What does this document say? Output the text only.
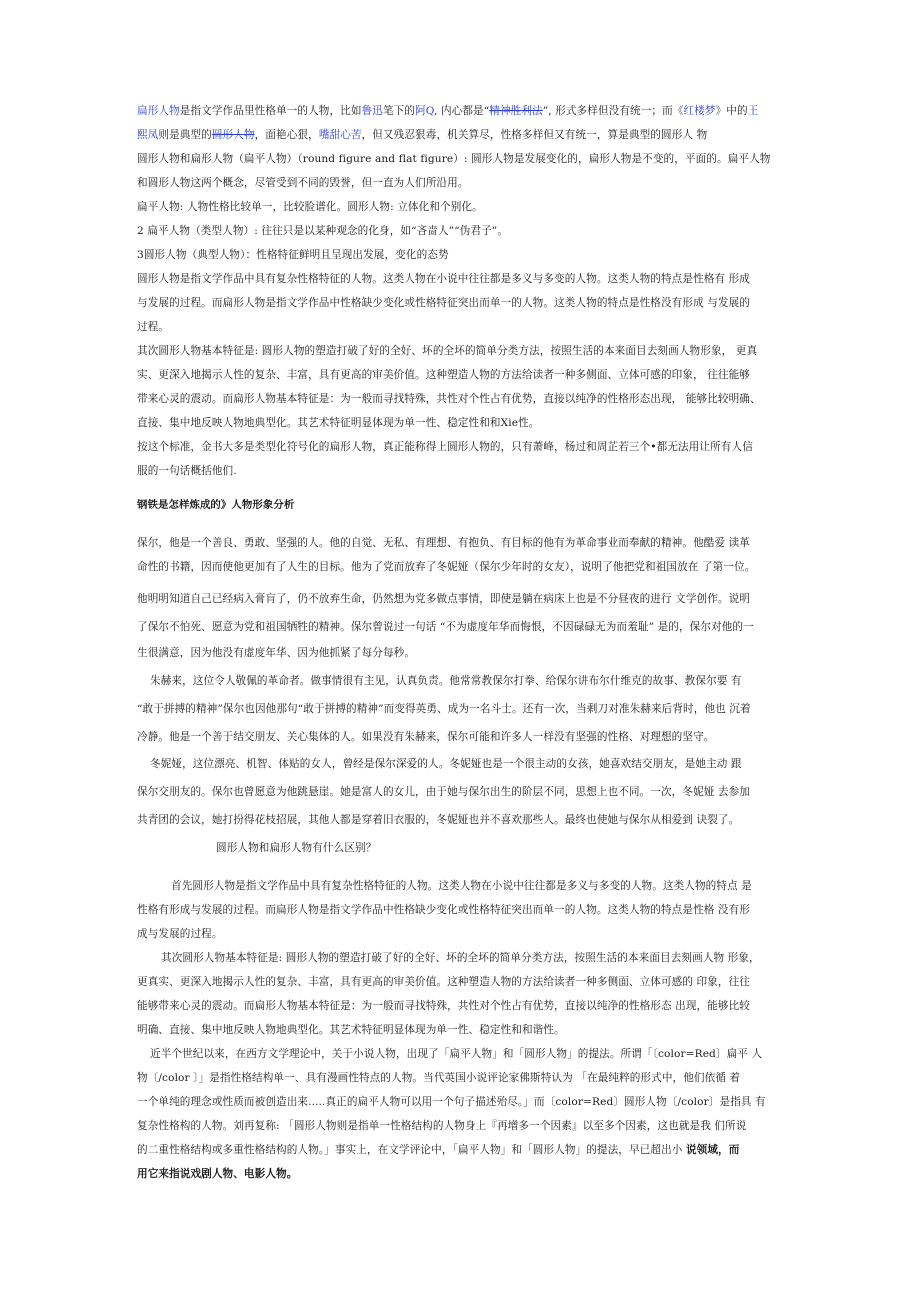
扁形人物是指文学作品里性格单一的人物，比如鲁迅笔下的阿Q, 内心都是“精神胜利法”, 形式多样但没有统一；而《红楼梦》中的王
熙凤则是典型的圆形人物，面艳心狠，嘴甜心苦，但又残忍狠毒，机关算尽，性格多样但又有统一，算是典型的圆形人 物
圆形人物和扁形人物（扁平人物）（round figure and flat figure）: 圆形人物是发展变化的，扁形人物是不变的，平面的。扁平人物
和圆形人物这两个概念，尽管受到不同的毁誉，但一直为人们所沿用。
扁平人物: 人物性格比较单一，比较脸谱化。圆形人物: 立体化和个别化。
2 扁平人物（类型人物）: 往往只是以某种观念的化身，如“吝啬人”“伪君子”。
3圆形人物（典型人物）：性格特征鲜明且呈现出发展，变化的态势
圆形人物是指文学作品中具有复杂性格特征的人物。这类人物在小说中往往都是多义与多变的人物。这类人物的特点是性格有 形成
与发展的过程。而扁形人物是指文学作品中性格缺少变化或性格特征突出而单一的人物。这类人物的特点是性格没有形成 与发展的
过程。
其次圆形人物基本特征是: 圆形人物的塑造打破了好的全好、坏的全坏的简单分类方法，按照生活的本来面目去刻画人物形象， 更真
实、更深入地揭示人性的复杂、丰富，具有更高的审美价值。这种塑造人物的方法给读者一种多侧面、立体可感的印象， 往往能够
带来心灵的震动。而扁形人物基本特征是：为一般而寻找特殊，共性对个性占有优势，直接以纯净的性格形态出现， 能够比较明确、
直接、集中地反映人物地典型化。其艺术特征明显体现为单一性、稳定性和和Xie性。
按这个标准，金书大多是类型化符号化的扁形人物，真正能称得上圆形人物的，只有萧峰，杨过和周芷若三个•都无法用让所有人信
服的一句话概括他们.
钢铁是怎样炼成的》人物形象分析
保尔，他是一个善良、勇敢、坚强的人。他的自觉、无私、有理想、有抱负、有目标的他有为革命事业而奉献的精神。他酷爱 读革
命性的书籍，因而使他更加有了人生的目标。他为了党而放弃了冬妮娅（保尔少年时的女友），说明了他把党和祖国放在 了第一位。
他明明知道自己已经病入膏肓了，仍不放弃生命，仍然想为党多做点事情，即使是躺在病床上也是不分昼夜的进行 文学创作。说明
了保尔不怕死、愿意为党和祖国牺牲的精神。保尔曾说过一句话 “不为虚度年华而悔恨，不因碌碌无为而羞耻” 是的，保尔对他的一
生很满意，因为他没有虚度年华、因为他抓紧了每分每秒。
朱赫来，这位令人敬佩的革命者。做事情很有主见，认真负责。他常常教保尔打拳、给保尔讲布尔什维克的故事、教保尔要 有
“敢于拼搏的精神”保尔也因他那句“敢于拼搏的精神”而变得英勇、成为一名斗士。还有一次，当剩刀对准朱赫来后背时，他也 沉着
冷静。他是一个善于结交朋友、关心集体的人。如果没有朱赫来，保尔可能和许多人一样没有坚强的性格、对理想的坚守。
冬妮娅，这位漂亮、机智、体贴的女人，曾经是保尔深爱的人。冬妮娅也是一个很主动的女孩，她喜欢结交朋友，是她主动 跟
保尔交朋友的。保尔也曾愿意为他跳悬崖。她是富人的女儿，由于她与保尔出生的阶层不同，思想上也不同。一次，冬妮娅 去参加
共青团的会议，她打扮得花枝招展，其他人都是穿着旧衣服的，冬妮娅也并不喜欢那些人。最终也使她与保尔从相爱到 诀裂了。
圆形人物和扁形人物有什么区别？
首先圆形人物是指文学作品中具有复杂性格特征的人物。这类人物在小说中往往都是多义与多变的人物。这类人物的特点 是
性格有形成与发展的过程。而扁形人物是指文学作品中性格缺少变化或性格特征突出而单一的人物。这类人物的特点是性格 没有形
成与发展的过程。
其次圆形人物基本特征是: 圆形人物的塑造打破了好的全好、坏的全坏的简单分类方法，按照生活的本来面目去刻画人物 形象，
更真实、更深入地揭示人性的复杂、丰富，具有更高的审美价值。这种塑造人物的方法给读者一种多侧面、立体可感的 印象，往往
能够带来心灵的震动。而扁形人物基本特征是：为一般而寻找特殊，共性对个性占有优势，直接以纯净的性格形态 出现，能够比较
明确、直接、集中地反映人物地典型化。其艺术特征明显体现为单一性、稳定性和和谐性。
近半个世纪以来，在西方文学理论中，关于小说人物，出现了「扁平人物」和「圆形人物」的提法。所谓「〔color=Red〕扁平 人
物〔/color 〕」是指性格结构单一、具有漫画性特点的人物。当代英国小说评论家佛斯特认为 「在最纯粹的形式中，他们依循 着
一个单纯的理念或性质而被创造出来.....真正的扁平人物可以用一个句子描述殆尽。」而〔color=Red〕圆形人物〔/color〕是指具 有
复杂性格构的人物。刘再复称: 「圆形人物则是指单一性格结构的人物身上『再增多一个因素』以至多个因素，这也就是我 们所说
的二重性格结构或多重性格结构的人物。」事实上，在文学评论中，「扁平人物」和「圆形人物」的提法，早已超出小 说领域，而
用它来指说戏剧人物、电影人物。
